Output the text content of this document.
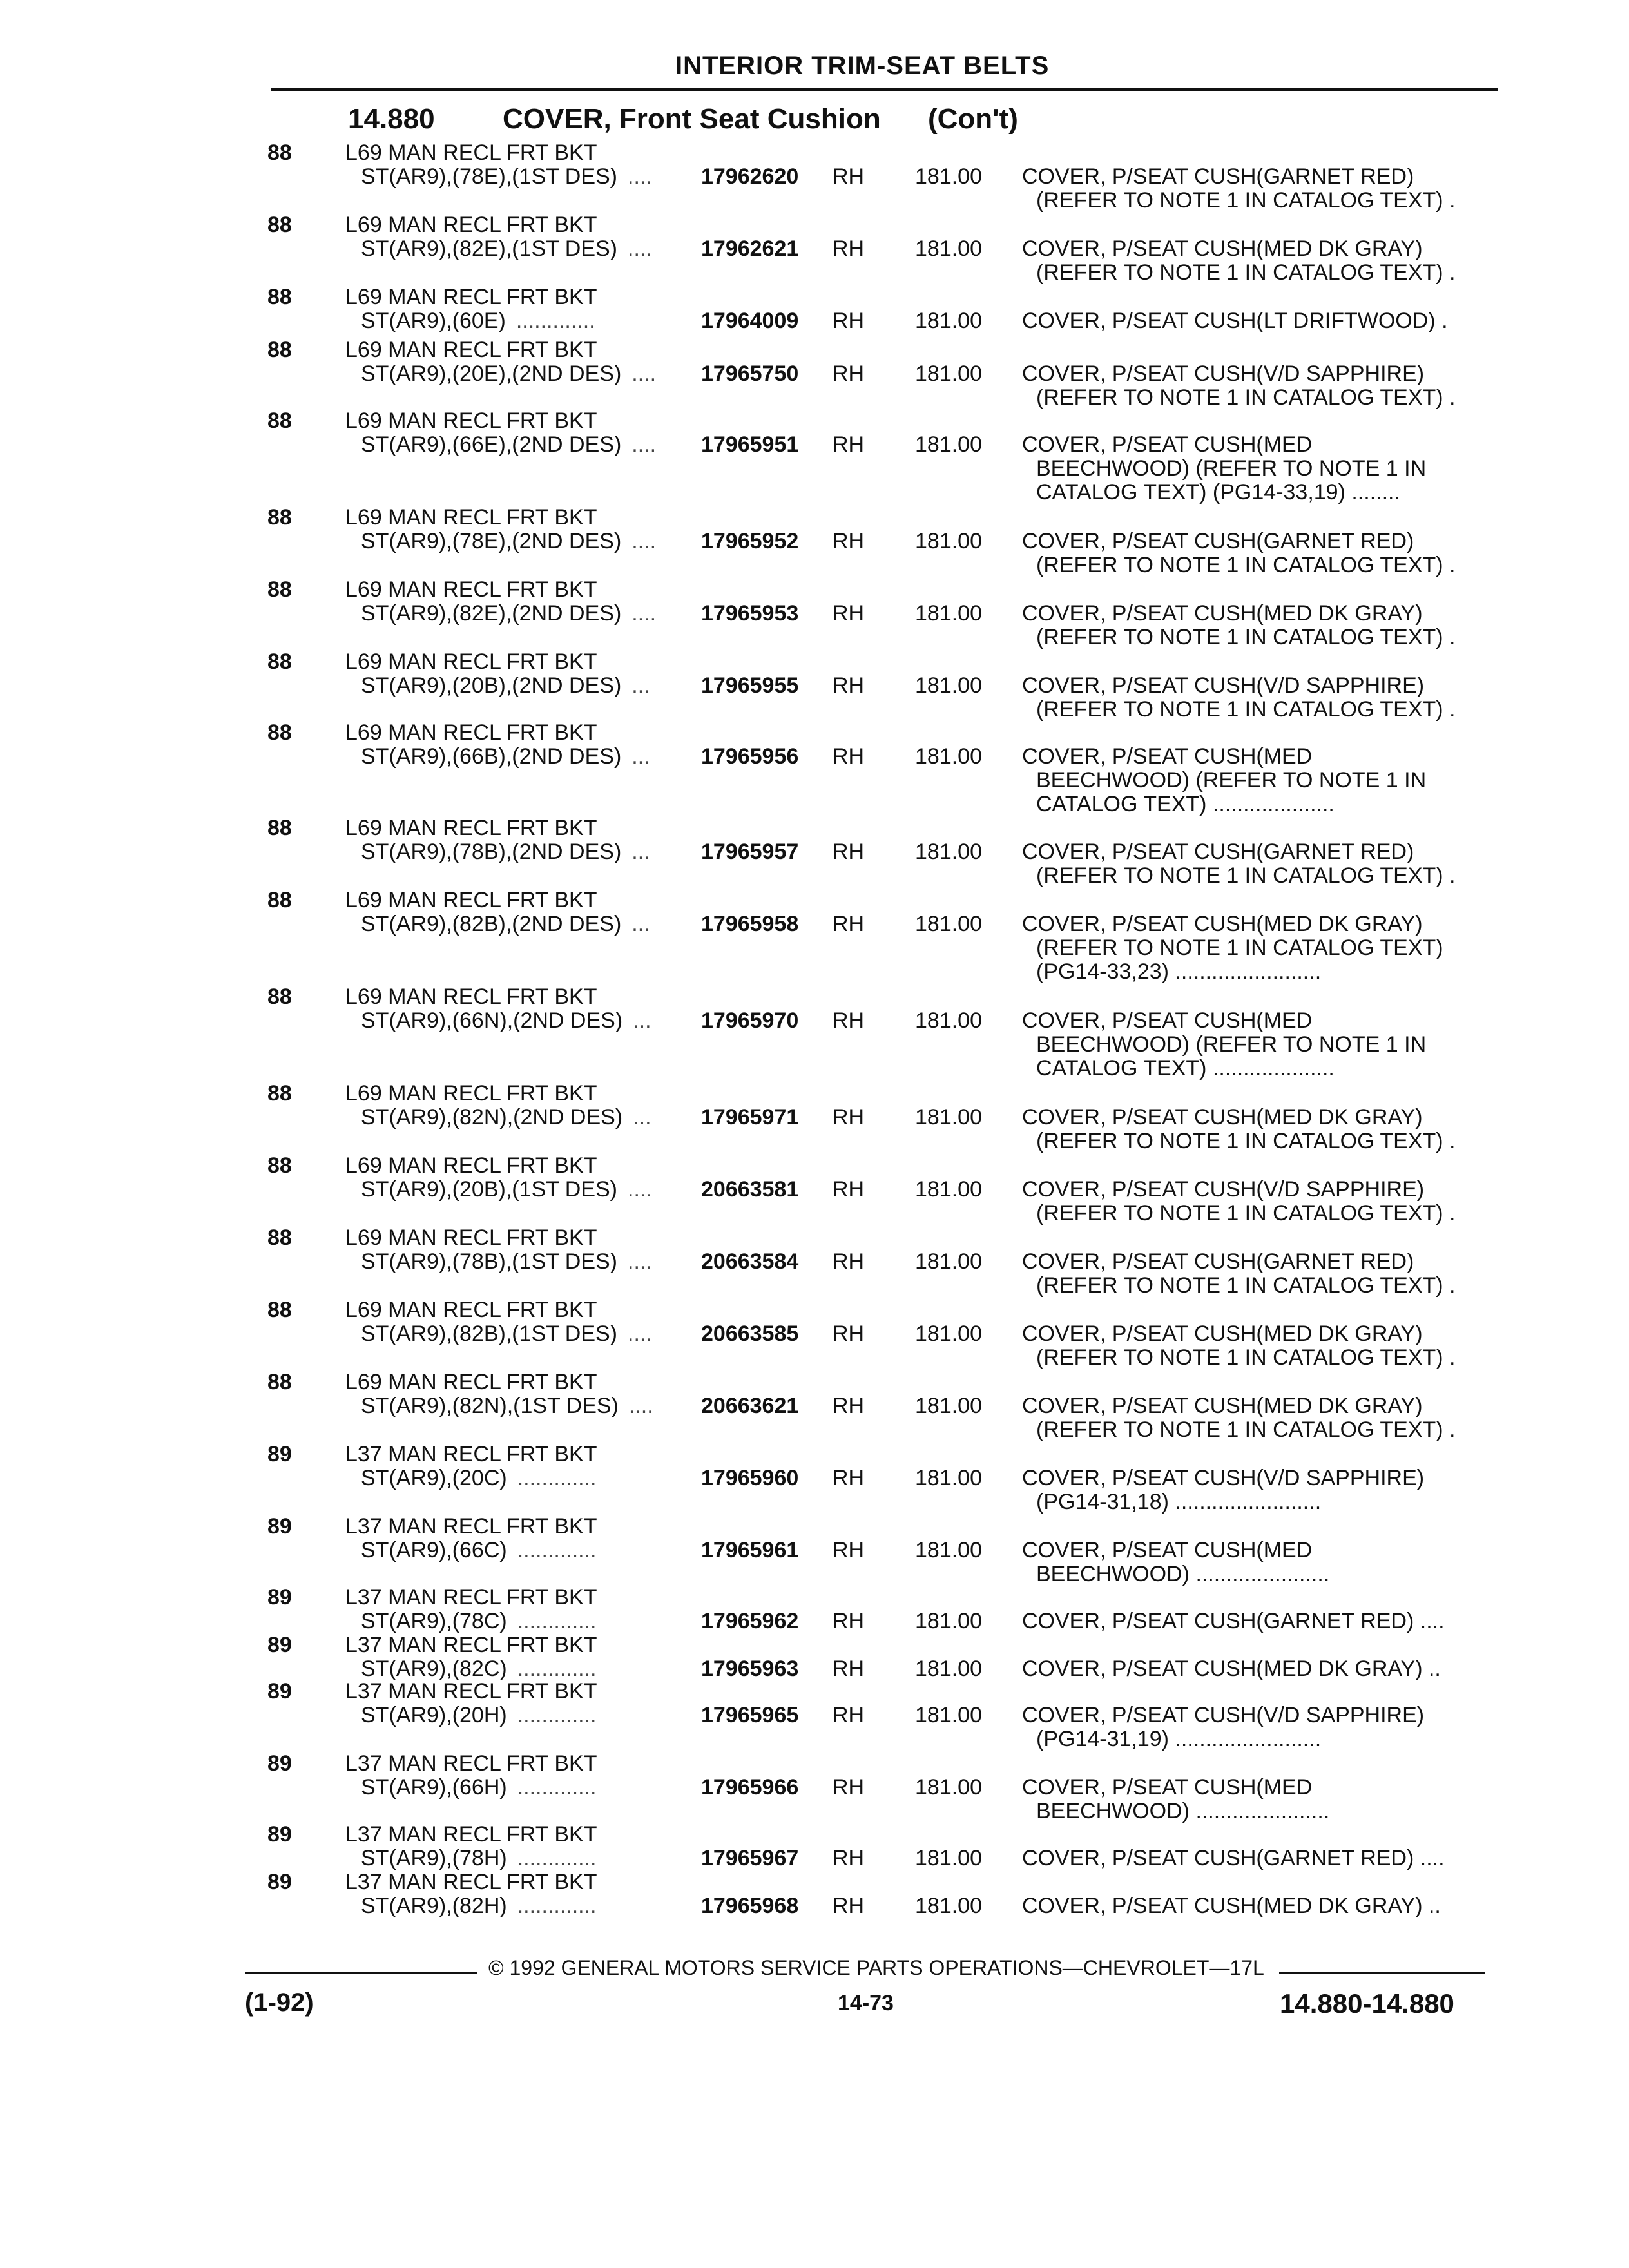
INTERIOR TRIM-SEAT BELTS
14.880 COVER, Front Seat Cushion (Con't)
88 L69 MAN RECL FRT BKT
ST(AR9),(78E),(1ST DES) .... 17962620 RH 181.00 COVER, P/SEAT CUSH(GARNET RED)
(REFER TO NOTE 1 IN CATALOG TEXT) .
88 L69 MAN RECL FRT BKT
ST(AR9),(82E),(1ST DES) .... 17962621 RH 181.00 COVER, P/SEAT CUSH(MED DK GRAY)
(REFER TO NOTE 1 IN CATALOG TEXT) .
88 L69 MAN RECL FRT BKT
ST(AR9),(60E) .............	17964009 RH 181.00 COVER, P/SEAT CUSH(LT DRIFTWOOD) .
88 L69 MAN RECL FRT BKT
ST(AR9),(20E),(2ND DES) .... 17965750 RH 181.00 COVER, P/SEAT CUSH(V/D SAPPHIRE)
(REFER TO NOTE 1 IN CATALOG TEXT) .
88 L69 MAN RECL FRT BKT
ST(AR9),(66E),(2ND DES) .... 17965951 RH 181.00 COVER, P/SEAT CUSH(MED
BEECHWOOD) (REFER TO NOTE 1 IN
CATALOG TEXT) (PG14-33,19) ........
88 L69 MAN RECL FRT BKT
ST(AR9),(78E),(2ND DES) .... 17965952 RH 181.00 COVER, P/SEAT CUSH(GARNET RED)
(REFER TO NOTE 1 IN CATALOG TEXT) .
88 L69 MAN RECL FRT BKT
ST(AR9),(82E),(2ND DES) .... 17965953 RH 181.00 COVER, P/SEAT CUSH(MED DK GRAY)
(REFER TO NOTE 1 IN CATALOG TEXT) .
88 L69 MAN RECL FRT BKT
ST(AR9),(20B),(2ND DES) ... 17965955 RH 181.00 COVER, P/SEAT CUSH(V/D SAPPHIRE)
(REFER TO NOTE 1 IN CATALOG TEXT) .
88 L69 MAN RECL FRT BKT
ST(AR9),(66B),(2ND DES) ... 17965956 RH 181.00 COVER, P/SEAT CUSH(MED
BEECHWOOD) (REFER TO NOTE 1 IN
CATALOG TEXT) ....................
88 L69 MAN RECL FRT BKT
ST(AR9),(78B),(2ND DES) ... 17965957 RH 181.00 COVER, P/SEAT CUSH(GARNET RED)
(REFER TO NOTE 1 IN CATALOG TEXT) .
88 L69 MAN RECL FRT BKT
ST(AR9),(82B),(2ND DES) ... 17965958 RH 181.00 COVER, P/SEAT CUSH(MED DK GRAY)
(REFER TO NOTE 1 IN CATALOG TEXT)
(PG14-33,23) ........................
88 L69 MAN RECL FRT BKT
ST(AR9),(66N),(2ND DES) ... 17965970 RH 181.00 COVER, P/SEAT CUSH(MED
BEECHWOOD) (REFER TO NOTE 1 IN
CATALOG TEXT) ....................
88 L69 MAN RECL FRT BKT
ST(AR9),(82N),(2ND DES) ... 17965971 RH 181.00 COVER, P/SEAT CUSH(MED DK GRAY)
(REFER TO NOTE 1 IN CATALOG TEXT) .
88 L69 MAN RECL FRT BKT
ST(AR9),(20B),(1ST DES) .... 20663581 RH 181.00 COVER, P/SEAT CUSH(V/D SAPPHIRE)
(REFER TO NOTE 1 IN CATALOG TEXT) .
88 L69 MAN RECL FRT BKT
ST(AR9),(78B),(1ST DES) .... 20663584 RH 181.00 COVER, P/SEAT CUSH(GARNET RED)
(REFER TO NOTE 1 IN CATALOG TEXT) .
88 L69 MAN RECL FRT BKT
ST(AR9),(82B),(1ST DES) .... 20663585 RH 181.00 COVER, P/SEAT CUSH(MED DK GRAY)
(REFER TO NOTE 1 IN CATALOG TEXT) .
88 L69 MAN RECL FRT BKT
ST(AR9),(82N),(1ST DES) .... 20663621 RH 181.00 COVER, P/SEAT CUSH(MED DK GRAY)
(REFER TO NOTE 1 IN CATALOG TEXT) .
89 L37 MAN RECL FRT BKT
ST(AR9),(20C) .............	17965960 RH 181.00 COVER, P/SEAT CUSH(V/D SAPPHIRE)
(PG14-31,18) ........................
89 L37 MAN RECL FRT BKT
ST(AR9),(66C) .............	17965961 RH 181.00 COVER, P/SEAT CUSH(MED
BEECHWOOD) ......................
89 L37 MAN RECL FRT BKT
ST(AR9),(78C) .............	17965962 RH 181.00 COVER, P/SEAT CUSH(GARNET RED) ....
89 L37 MAN RECL FRT BKT
ST(AR9),(82C) .............	17965963 RH 181.00 COVER, P/SEAT CUSH(MED DK GRAY) ..
89 L37 MAN RECL FRT BKT
ST(AR9),(20H) .............	17965965 RH 181.00 COVER, P/SEAT CUSH(V/D SAPPHIRE)
(PG14-31,19) ........................
89 L37 MAN RECL FRT BKT
ST(AR9),(66H) .............	17965966 RH 181.00 COVER, P/SEAT CUSH(MED
BEECHWOOD) ......................
89 L37 MAN RECL FRT BKT
ST(AR9),(78H) .............	17965967 RH 181.00 COVER, P/SEAT CUSH(GARNET RED) ....
89 L37 MAN RECL FRT BKT
ST(AR9),(82H) .............	17965968 RH 181.00 COVER, P/SEAT CUSH(MED DK GRAY) ..
© 1992 GENERAL MOTORS SERVICE PARTS OPERATIONS—CHEVROLET—17L
(1-92)	14-73	14.880-14.880
